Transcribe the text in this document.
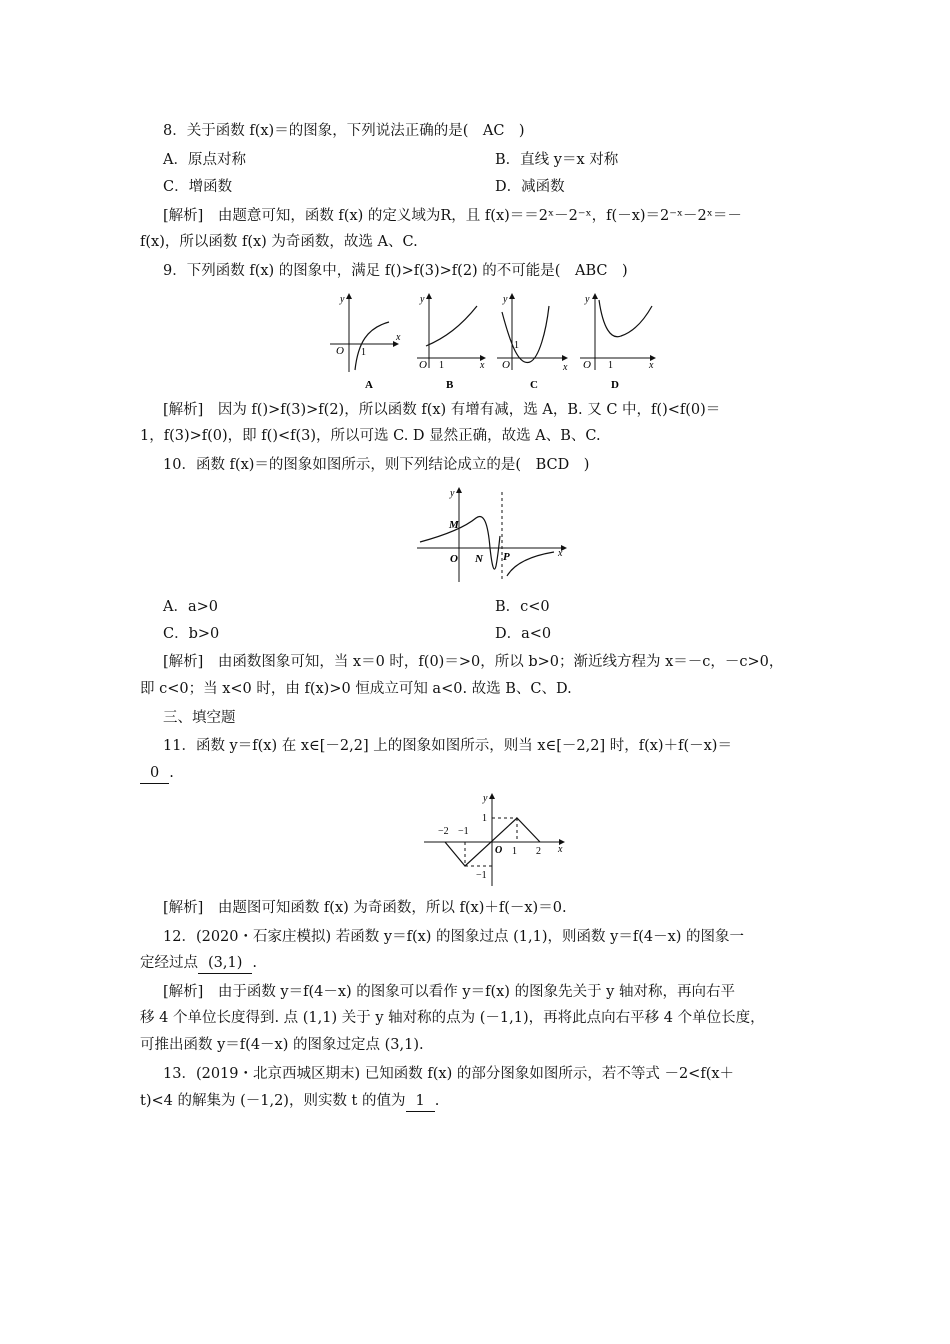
8．关于函数 f(x)＝的图象，下列说法正确的是(　AC　)
A．原点对称	B．直线 y＝x 对称
C．增函数	D．减函数
[解析]　由题意可知，函数 f(x) 的定义域为R，且 f(x)＝＝2ˣ－2⁻ˣ，f(－x)＝2⁻ˣ－2ˣ＝－
f(x)，所以函数 f(x) 为奇函数，故选 A、C.
9．下列函数 f(x) 的图象中，满足 f()>f(3)>f(2) 的不可能是(　ABC　)
O 1
x
y
A
O 1	x
y
B
O
1
x
y
C
O 1	x
y
D
[解析]　因为 f()>f(3)>f(2)，所以函数 f(x) 有增有减，选 A，B. 又 C 中，f()<f(0)＝
1，f(3)>f(0)，即 f()<f(3)，所以可选 C. D 显然正确，故选 A、B、C.
10．函数 f(x)＝的图象如图所示，则下列结论成立的是(　BCD　)
M
O N P	x
y
A．a>0	B．c<0
C．b>0	D．a<0
[解析]　由函数图象可知，当 x＝0 时，f(0)＝>0，所以 b>0；渐近线方程为 x＝－c，－c>0，
即 c<0；当 x<0 时，由 f(x)>0 恒成立可知 a<0. 故选 B、C、D.
三、填空题
11．函数 y＝f(x) 在 x∈[－2,2] 上的图象如图所示，则当 x∈[－2,2] 时，f(x)＋f(－x)＝
0 .
−2 −1
1 2
1
−1
O	x
y
[解析]　由题图可知函数 f(x) 为奇函数，所以 f(x)＋f(－x)＝0.
12．(2020・石家庄模拟) 若函数 y＝f(x) 的图象过点 (1,1)，则函数 y＝f(4－x) 的图象一
定经过点 (3,1) .
[解析]　由于函数 y＝f(4－x) 的图象可以看作 y＝f(x) 的图象先关于 y 轴对称，再向右平
移 4 个单位长度得到. 点 (1,1) 关于 y 轴对称的点为 (－1,1)，再将此点向右平移 4 个单位长度，
可推出函数 y＝f(4－x) 的图象过定点 (3,1).
13．(2019・北京西城区期末) 已知函数 f(x) 的部分图象如图所示，若不等式 －2<f(x＋
t)<4 的解集为 (－1,2)，则实数 t 的值为 1 .
